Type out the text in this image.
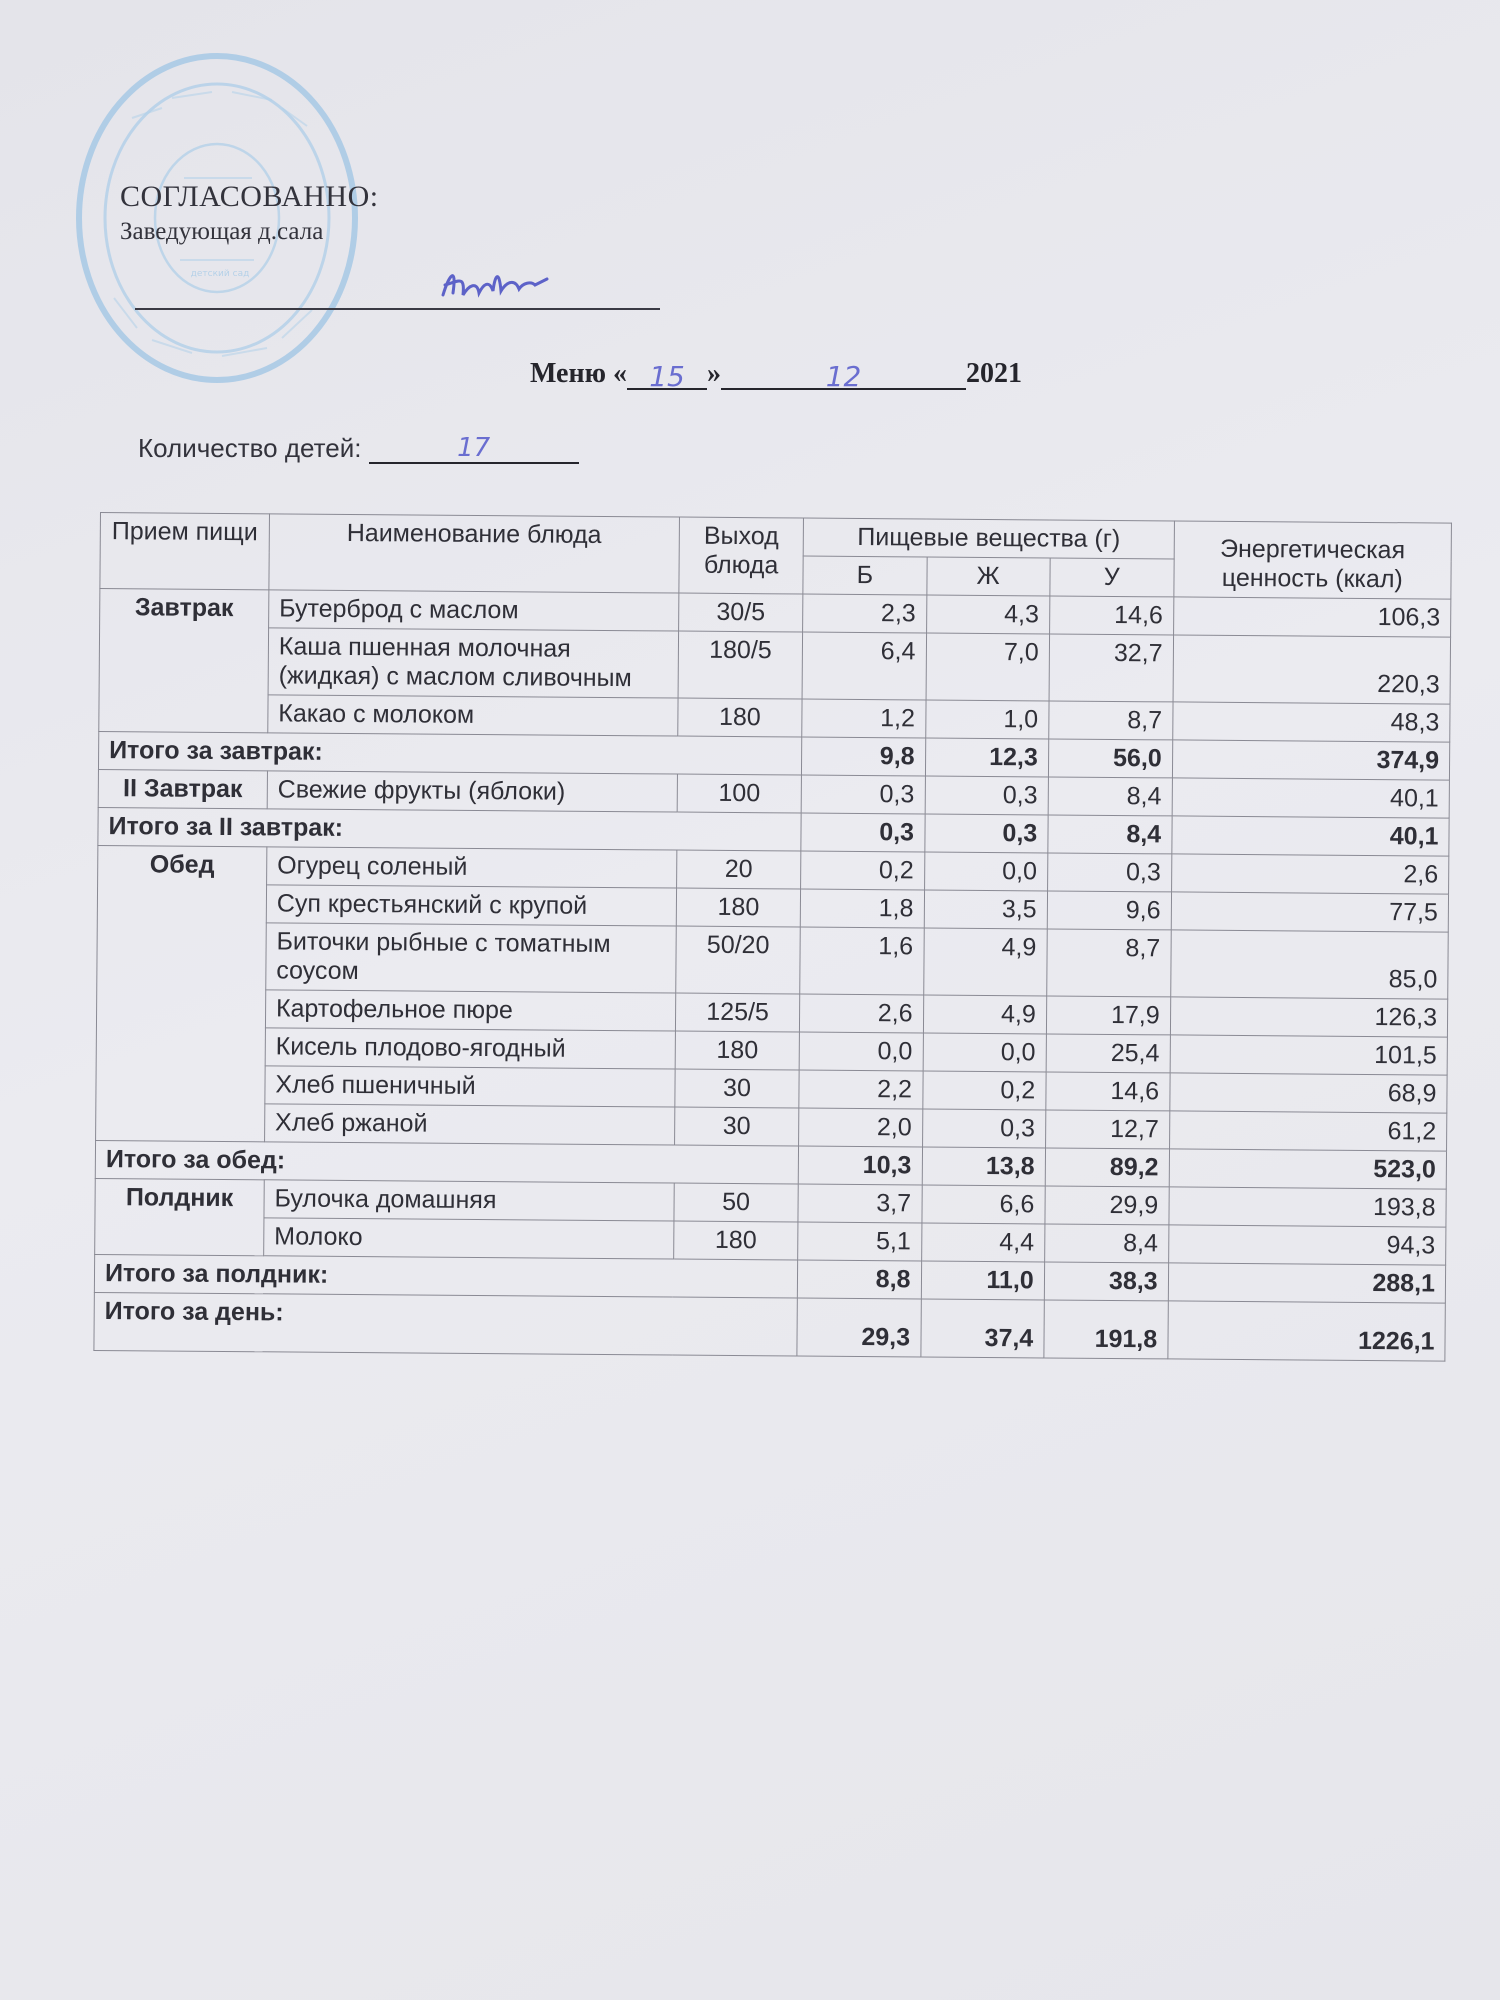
детский сад
СОГЛАСОВАННО:
Заведующая д.сала
Меню « 15 »	12	2021
Количество детей:	17
Прием пищи	Наименование блюда	Выход блюда	Пищевые вещества (г)			Энергетическая ценность (ккал)
			Б	Ж	У	
Завтрак	Бутерброд с маслом	30/5	2,3	4,3	14,6	106,3
	Каша пшенная молочная (жидкая) с маслом сливочным	180/5	6,4	7,0	32,7	220,3
	Какао с молоком	180	1,2	1,0	8,7	48,3
Итого за завтрак:			9,8	12,3	56,0	374,9
II Завтрак	Свежие фрукты (яблоки)	100	0,3	0,3	8,4	40,1
Итого за II завтрак:			0,3	0,3	8,4	40,1
Обед	Огурец соленый	20	0,2	0,0	0,3	2,6
	Суп крестьянский с крупой	180	1,8	3,5	9,6	77,5
	Биточки рыбные с томатным соусом	50/20	1,6	4,9	8,7	85,0
	Картофельное пюре	125/5	2,6	4,9	17,9	126,3
	Кисель плодово-ягодный	180	0,0	0,0	25,4	101,5
	Хлеб пшеничный	30	2,2	0,2	14,6	68,9
	Хлеб ржаной	30	2,0	0,3	12,7	61,2
Итого за обед:			10,3	13,8	89,2	523,0
Полдник	Булочка домашняя	50	3,7	6,6	29,9	193,8
	Молоко	180	5,1	4,4	8,4	94,3
Итого за полдник:			8,8	11,0	38,3	288,1
Итого за день:			29,3	37,4	191,8	1226,1
